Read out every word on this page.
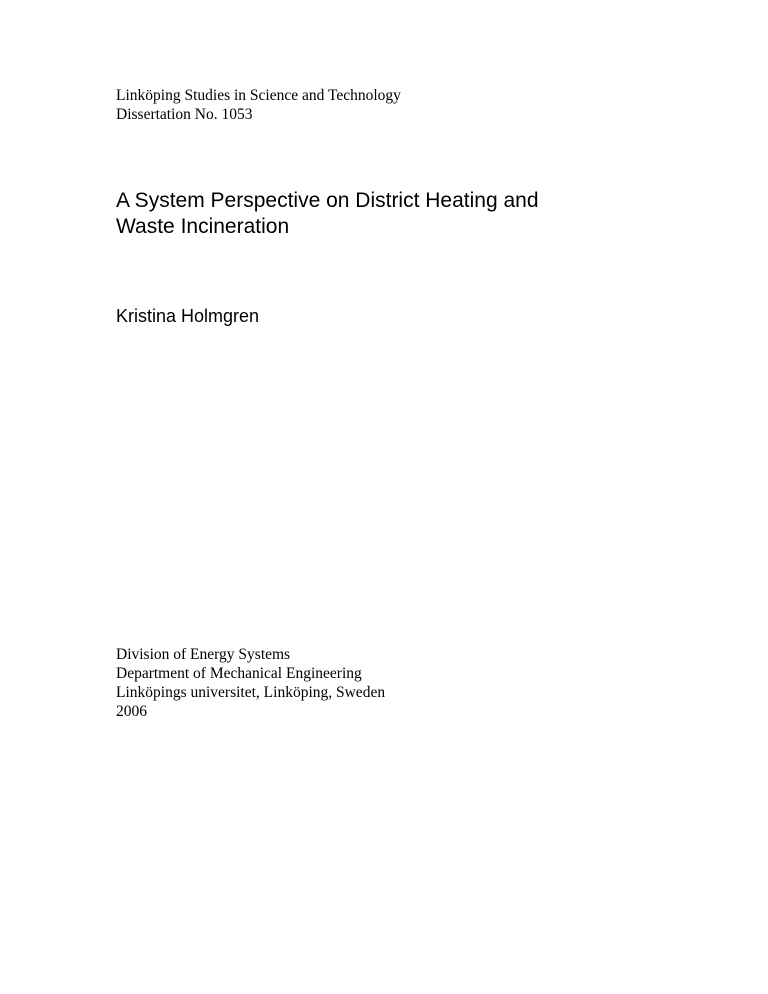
Linköping Studies in Science and Technology
Dissertation No. 1053
A System Perspective on District Heating and
Waste Incineration
Kristina Holmgren
Division of Energy Systems
Department of Mechanical Engineering
Linköpings universitet, Linköping, Sweden
2006
